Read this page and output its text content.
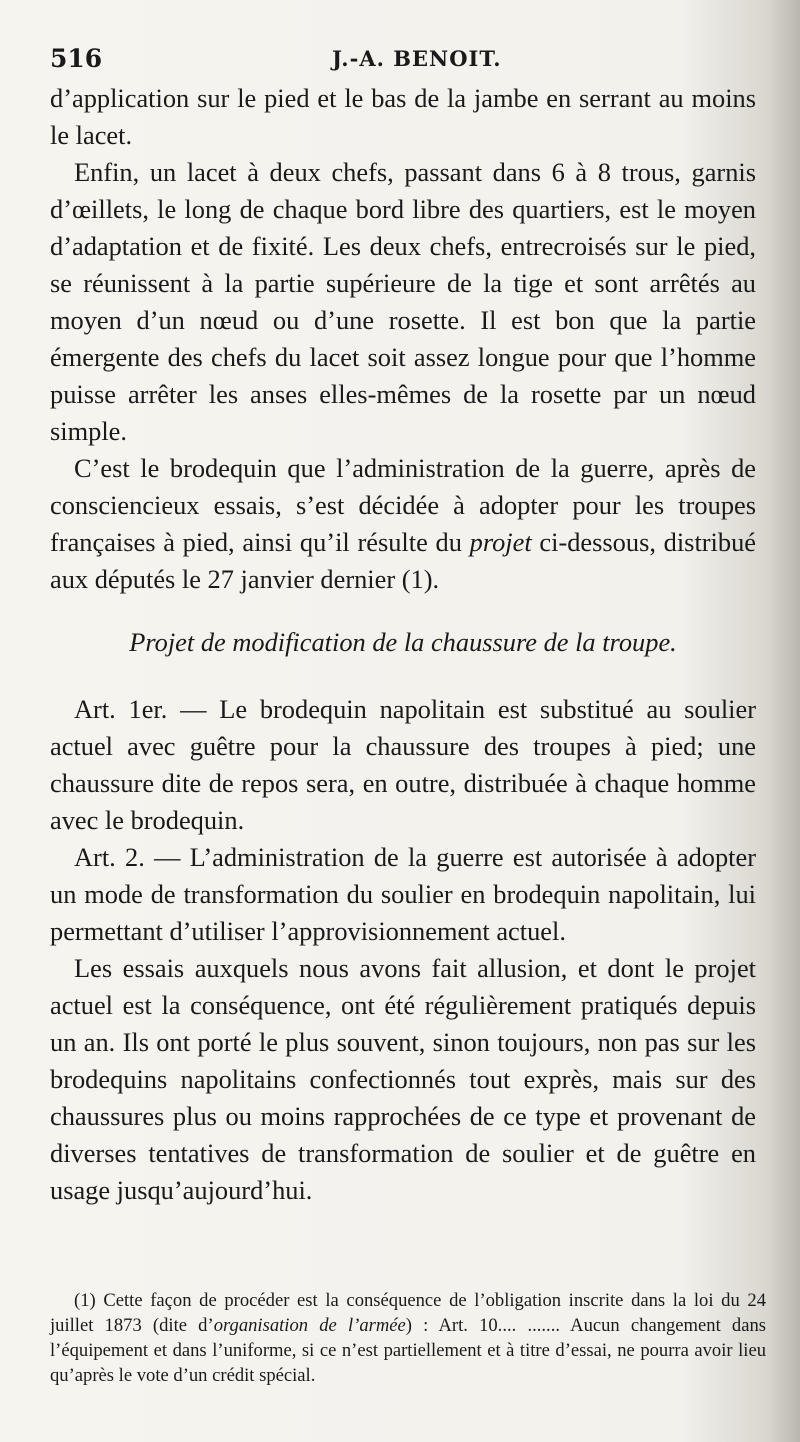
516	J.-A. BENOIT.

d’application sur le pied et le bas de la jambe en serrant au moins le lacet.

Enfin, un lacet à deux chefs, passant dans 6 à 8 trous, garnis d’œillets, le long de chaque bord libre des quartiers, est le moyen d’adaptation et de fixité. Les deux chefs, entrecroisés sur le pied, se réunissent à la partie supérieure de la tige et sont arrêtés au moyen d’un nœud ou d’une rosette. Il est bon que la partie émergente des chefs du lacet soit assez longue pour que l’homme puisse arrêter les anses elles-mêmes de la rosette par un nœud simple.

C’est le brodequin que l’administration de la guerre, après de consciencieux essais, s’est décidée à adopter pour les troupes françaises à pied, ainsi qu’il résulte du projet ci-dessous, distribué aux députés le 27 janvier dernier (1).

Projet de modification de la chaussure de la troupe.

Art. 1er. — Le brodequin napolitain est substitué au soulier actuel avec guêtre pour la chaussure des troupes à pied; une chaussure dite de repos sera, en outre, distribuée à chaque homme avec le brodequin.

Art. 2. — L’administration de la guerre est autorisée à adopter un mode de transformation du soulier en brodequin napolitain, lui permettant d’utiliser l’approvisionnement actuel.

Les essais auxquels nous avons fait allusion, et dont le projet actuel est la conséquence, ont été régulièrement pratiqués depuis un an. Ils ont porté le plus souvent, sinon toujours, non pas sur les brodequins napolitains confectionnés tout exprès, mais sur des chaussures plus ou moins rapprochées de ce type et provenant de diverses tentatives de transformation de soulier et de guêtre en usage jusqu’aujourd’hui.

(1) Cette façon de procéder est la conséquence de l’obligation inscrite dans la loi du 24 juillet 1873 (dite d’organisation de l’armée) : Art. 10.... ....... Aucun changement dans l’équipement et dans l’uniforme, si ce n’est partiellement et à titre d’essai, ne pourra avoir lieu qu’après le vote d’un crédit spécial.
